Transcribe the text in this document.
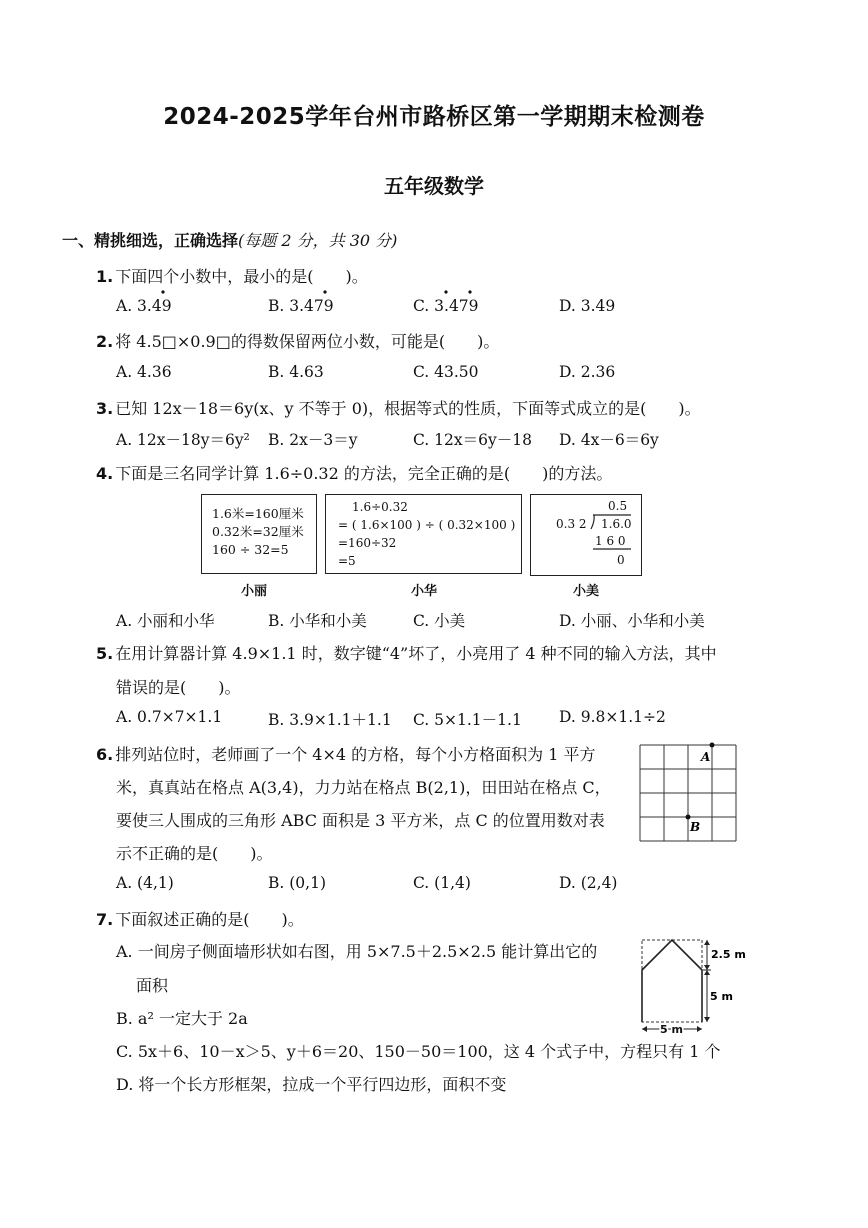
2024-2025学年台州市路桥区第一学期期末检测卷
五年级数学
一、精挑细选，正确选择(每题 2 分，共 30 分)
1. 下面四个小数中，最小的是(　　)。
A. 3.49	B. 3.479	C. 3.479	D. 3.49
2. 将 4.5□×0.9□的得数保留两位小数，可能是(　　)。
A. 4.36	B. 4.63	C. 43.50	D. 2.36
3. 已知 12x－18＝6y(x、y 不等于 0)，根据等式的性质，下面等式成立的是(　　)。
A. 12x－18y＝6y² B. 2x－3＝y	C. 12x＝6y－18 D. 4x－6＝6y
4. 下面是三名同学计算 1.6÷0.32 的方法，完全正确的是(　　)的方法。
1.6米=160厘米
0.32米=32厘米
160 ÷ 32=5
小丽
1.6÷0.32
= ( 1.6×100 ) ÷ ( 0.32×100 )
=160÷32
=5
小华
0.5
0.3 2 1.6.0
1 6 0
0
小美
A. 小丽和小华	B. 小华和小美	C. 小美	D. 小丽、小华和小美
5. 在用计算器计算 4.9×1.1 时，数字键“4”坏了，小亮用了 4 种不同的输入方法，其中
错误的是(　　)。
A. 0.7×7×1.1	B. 3.9×1.1＋1.1 C. 5×1.1－1.1 D. 9.8×1.1÷2
6. 排列站位时，老师画了一个 4×4 的方格，每个小方格面积为 1 平方
米，真真站在格点 A(3,4)，力力站在格点 B(2,1)，田田站在格点 C，
要使三人围成的三角形 ABC 面积是 3 平方米，点 C 的位置用数对表
示不正确的是(　　)。
A
B
A. (4,1)	B. (0,1)	C. (1,4)	D. (2,4)
7. 下面叙述正确的是(　　)。
A. 一间房子侧面墙形状如右图，用 5×7.5＋2.5×2.5 能计算出它的
面积
B. a² 一定大于 2a
C. 5x＋6、10－x＞5、y＋6＝20、150－50＝100，这 4 个式子中，方程只有 1 个
D. 将一个长方形框架，拉成一个平行四边形，面积不变
2.5 m
5 m
5 m
